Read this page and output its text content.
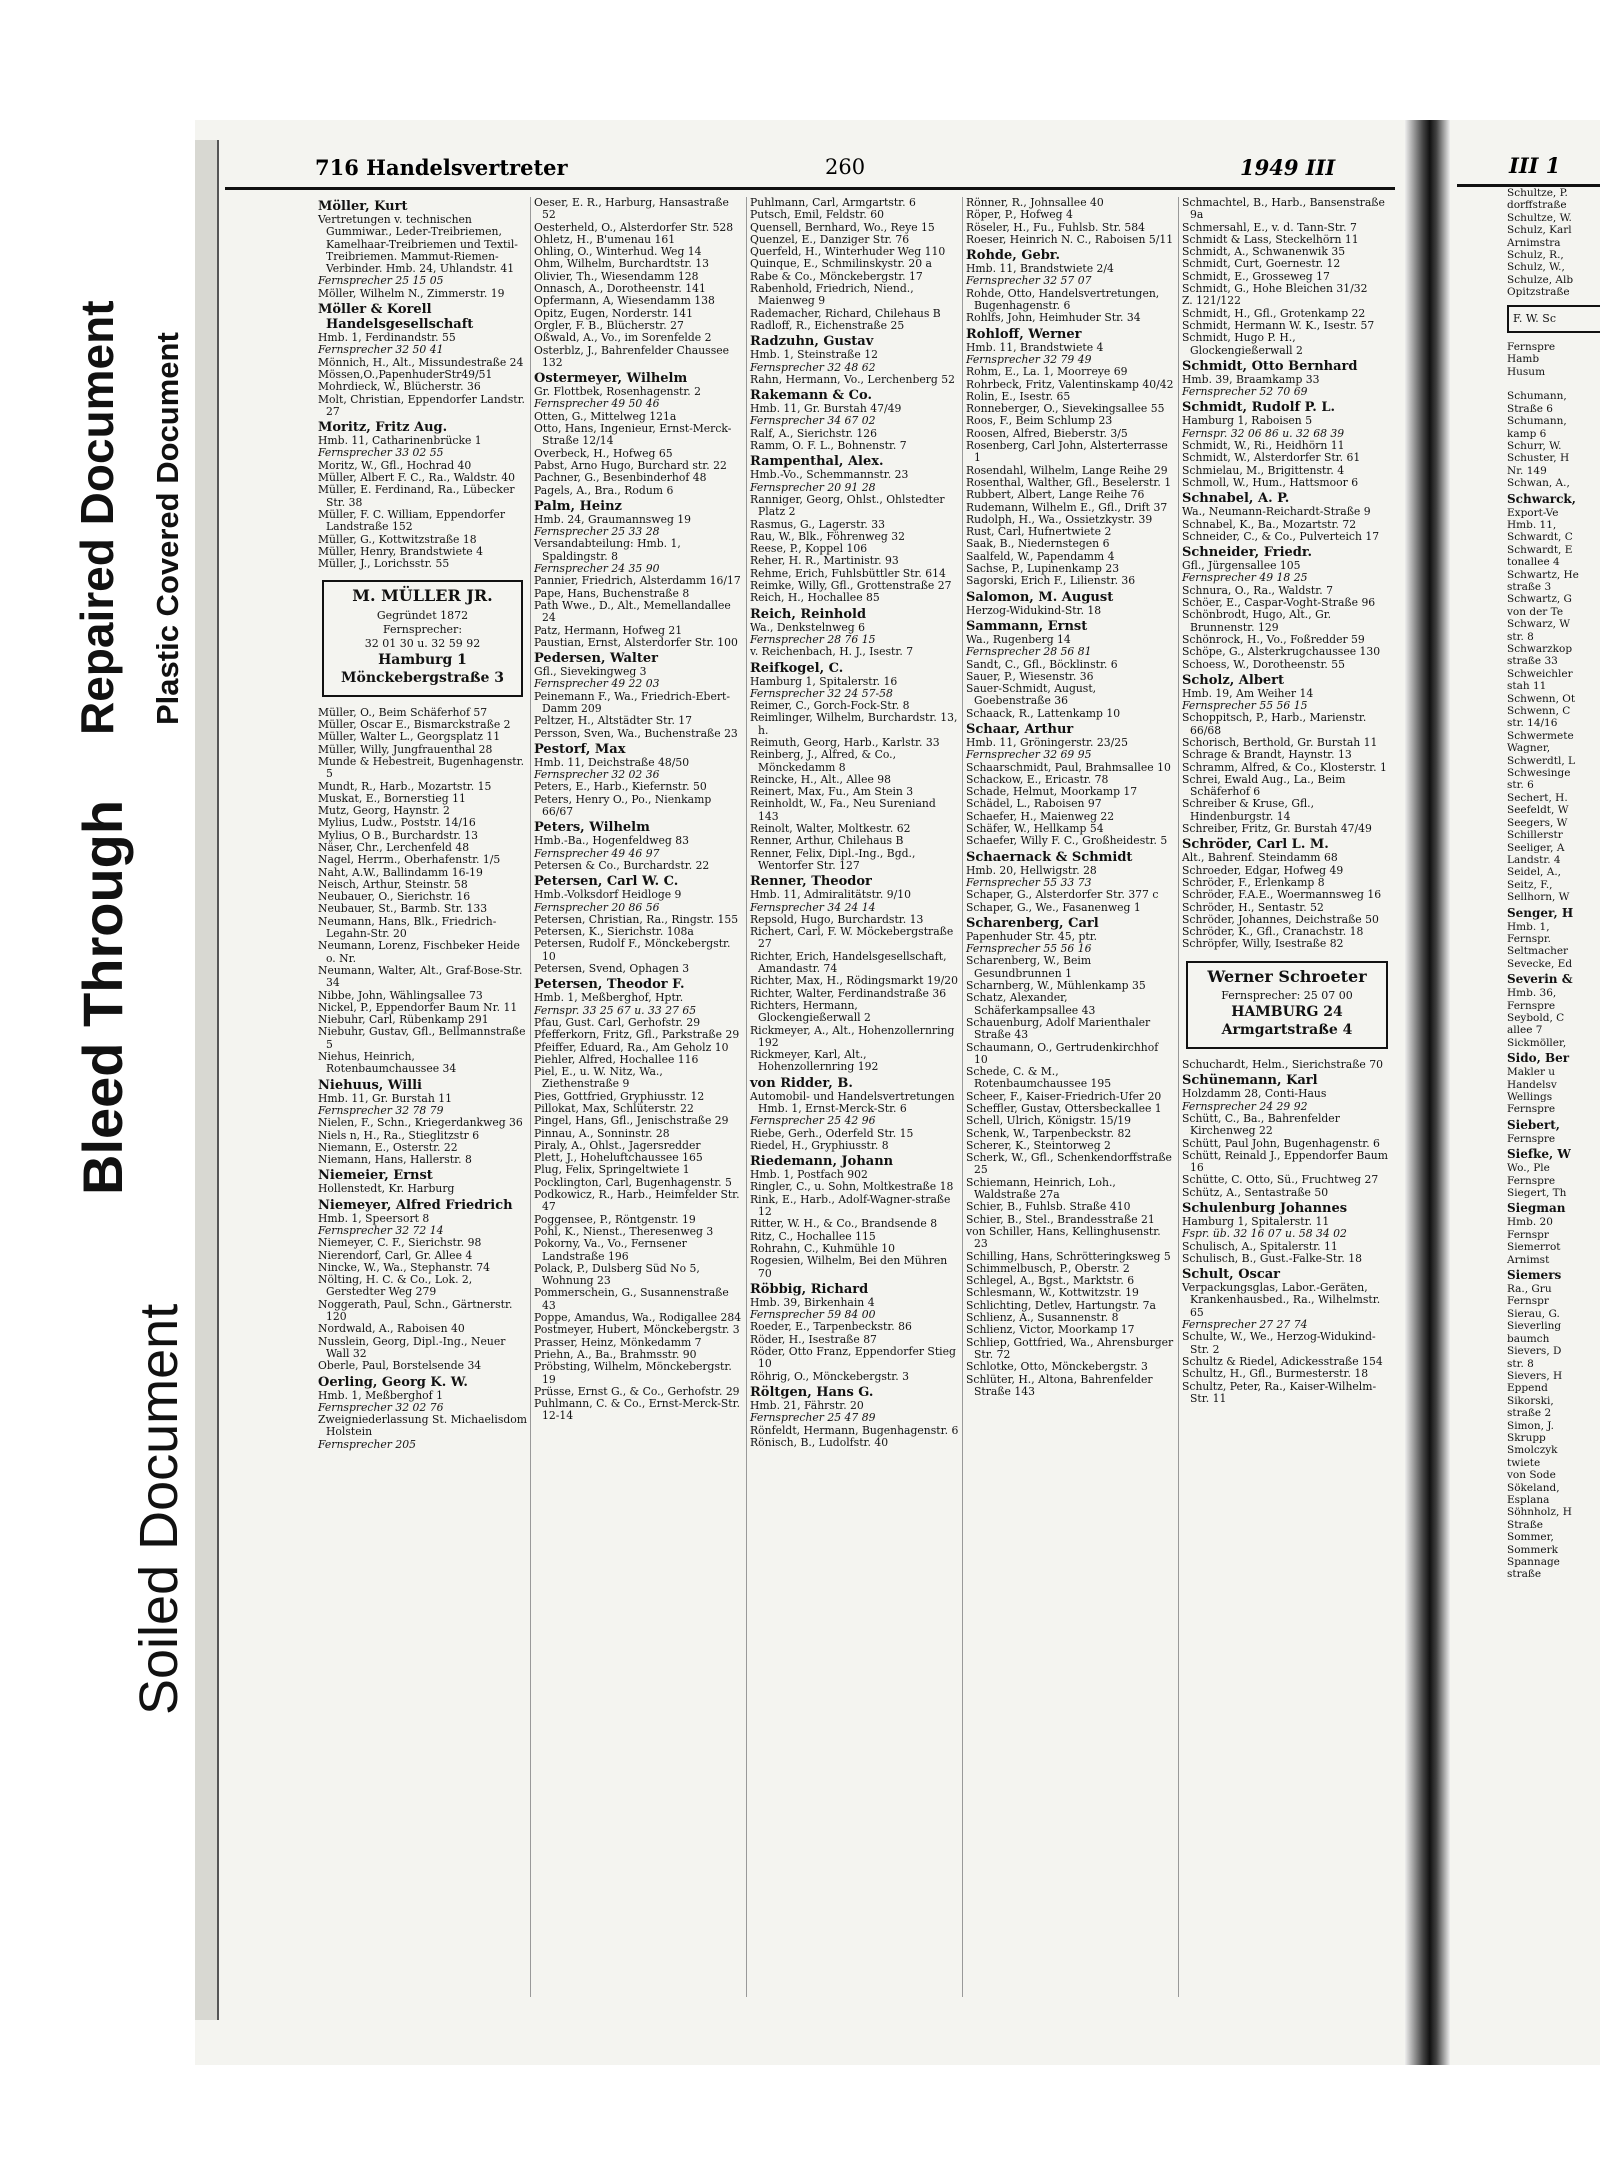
Bleed Through
Repaired Document Plastic Covered Document
Soiled Document
716 Handelsvertreter	260	1949 III

Möller, Kurt

Vertretungen v. technischen Gummiwar., Leder-Treibriemen, Kamelhaar-Treibriemen und Textil-Treibriemen. Mammut-Riemen-Verbinder. Hmb. 24, Uhlandstr. 41

Fernsprecher 25 15 05

Möller, Wilhelm N., Zimmerstr. 19

Möller & Korell Handelsgesellschaft

Hmb. 1, Ferdinandstr. 55

Fernsprecher 32 50 41

Mönnich, H., Alt., Missundestraße 24

Mössen,O.,PapenhuderStr49/51

Mohrdieck, W., Blücherstr. 36

Molt, Christian, Eppendorfer Landstr. 27

Moritz, Fritz Aug.

Hmb. 11, Catharinenbrücke 1

Fernsprecher 33 02 55

Moritz, W., Gfl., Hochrad 40

Müller, Albert F. C., Ra., Waldstr. 40

Müller, E. Ferdinand, Ra., Lübecker Str. 38

Müller, F. C. William, Eppendorfer Landstraße 152

Müller, G., Kottwitzstraße 18

Müller, Henry, Brandstwiete 4

Müller, J., Lorichsstr. 55

M. MÜLLER JR.
Gegründet 1872
Fernsprecher:
32 01 30 u. 32 59 92
Hamburg 1
Mönckebergstraße 3

Müller, O., Beim Schäferhof 57

Müller, Oscar E., Bismarckstraße 2

Müller, Walter L., Georgsplatz 11

Müller, Willy, Jungfrauenthal 28

Munde & Hebestreit, Bugenhagenstr. 5

Mundt, R., Harb., Mozartstr. 15

Muskat, E., Bornerstieg 11

Mutz, Georg, Haynstr. 2

Mylius, Ludw., Poststr. 14/16

Mylius, O B., Burchardstr. 13

Näser, Chr., Lerchenfeld 48

Nagel, Herrm., Oberhafenstr. 1/5

Naht, A.W., Ballindamm 16-19

Neisch, Arthur, Steinstr. 58

Neubauer, O., Sierichstr. 16

Neubauer, St., Barmb. Str. 133

Neumann, Hans, Blk., Friedrich-Legahn-Str. 20

Neumann, Lorenz, Fischbeker Heide o. Nr.

Neumann, Walter, Alt., Graf-Bose-Str. 34

Nibbe, John, Wählingsallee 73

Nickel, P., Eppendorfer Baum Nr. 11

Niebuhr, Carl, Rübenkamp 291

Niebuhr, Gustav, Gfl., Bellmannstraße 5

Niehus, Heinrich, Rotenbaumchaussee 34

Niehuus, Willi

Hmb. 11, Gr. Burstah 11

Fernsprecher 32 78 79

Nielen, F., Schn., Kriegerdankweg 36

Niels n, H., Ra., Stieglitzstr 6

Niemann, E., Osterstr. 22

Niemann, Hans, Hallerstr. 8

Niemeier, Ernst

Hollenstedt, Kr. Harburg

Niemeyer, Alfred Friedrich

Hmb. 1, Speersort 8

Fernsprecher 32 72 14

Niemeyer, C. F., Sierichstr. 98

Nierendorf, Carl, Gr. Allee 4

Nincke, W., Wa., Stephanstr. 74

Nölting, H. C. & Co., Lok. 2, Gerstedter Weg 279

Noggerath, Paul, Schn., Gärtnerstr. 120

Nordwald, A., Raboisen 40

Nusslein, Georg, Dipl.-Ing., Neuer Wall 32

Oberle, Paul, Borstelsende 34

Oerling, Georg K. W.

Hmb. 1, Meßberghof 1

Fernsprecher 32 02 76

Zweigniederlassung St. Michaelisdom Holstein

Fernsprecher 205

Oeser, E. R., Harburg, Hansastraße 52

Oesterheld, O., Alsterdorfer Str. 528

Ohletz, H., B'umenau 161

Ohling, O., Winterhud. Weg 14

Ohm, Wilhelm, Burchardtstr. 13

Olivier, Th., Wiesendamm 128

Onnasch, A., Dorotheenstr. 141

Opfermann, A, Wiesendamm 138

Opitz, Eugen, Norderstr. 141

Orgler, F. B., Blücherstr. 27

Oßwald, A., Vo., im Sorenfelde 2

Osterblz, J., Bahrenfelder Chaussee 132

Ostermeyer, Wilhelm

Gr. Flottbek, Rosenhagenstr. 2

Fernsprecher 49 50 46

Otten, G., Mittelweg 121a

Otto, Hans, Ingenieur, Ernst-Merck-Straße 12/14

Overbeck, H., Hofweg 65

Pabst, Arno Hugo, Burchard str. 22

Pachner, G., Besenbinderhof 48

Pagels, A., Bra., Rodum 6

Palm, Heinz

Hmb. 24, Graumannsweg 19

Fernsprecher 25 33 28

Versandabteilung: Hmb. 1, Spaldingstr. 8

Fernsprecher 24 35 90

Pannier, Friedrich, Alsterdamm 16/17

Pape, Hans, Buchenstraße 8

Path Wwe., D., Alt., Memellandallee 24

Patz, Hermann, Hofweg 21

Paustian, Ernst, Alsterdorfer Str. 100

Pedersen, Walter

Gfl., Sievekingweg 3

Fernsprecher 49 22 03

Peinemann F., Wa., Friedrich-Ebert-Damm 209

Peltzer, H., Altstädter Str. 17

Persson, Sven, Wa., Buchenstraße 23

Pestorf, Max

Hmb. 11, Deichstraße 48/50

Fernsprecher 32 02 36

Peters, E., Harb., Kiefernstr. 50

Peters, Henry O., Po., Nienkamp 66/67

Peters, Wilhelm

Hmb.-Ba., Hogenfeldweg 83

Fernsprecher 49 46 97

Petersen & Co., Burchardstr. 22

Petersen, Carl W. C.

Hmb.-Volksdorf Heidloge 9

Fernsprecher 20 86 56

Petersen, Christian, Ra., Ringstr. 155

Petersen, K., Sierichstr. 108a

Petersen, Rudolf F., Mönckebergstr. 10

Petersen, Svend, Ophagen 3

Petersen, Theodor F.

Hmb. 1, Meßberghof, Hptr.

Fernspr. 33 25 67 u. 33 27 65

Pfau, Gust. Carl, Gerhofstr. 29

Pfefferkorn, Fritz, Gfl., Parkstraße 29

Pfeiffer, Eduard, Ra., Am Geholz 10

Piehler, Alfred, Hochallee 116

Piel, E., u. W. Nitz, Wa., Ziethenstraße 9

Pies, Gottfried, Gryphiusstr. 12

Pillokat, Max, Schlüterstr. 22

Pingel, Hans, Gfl., Jenischstraße 29

Pinnau, A., Sonninstr. 28

Piraly, A., Ohlst., Jagersredder

Plett, J., Hoheluftchaussee 165

Plug, Felix, Springeltwiete 1

Pocklington, Carl, Bugenhagenstr. 5

Podkowicz, R., Harb., Heimfelder Str. 47

Poggensee, P., Röntgenstr. 19

Pohl, K., Nienst., Theresenweg 3

Pokorny, Va., Vo., Fernsener Landstraße 196

Polack, P., Dulsberg Süd No 5, Wohnung 23

Pommerschein, G., Susannenstraße 43

Poppe, Amandus, Wa., Rodigallee 284

Postmeyer, Hubert, Mönckebergstr. 3

Prasser, Heinz, Mönkedamm 7

Priehn, A., Ba., Brahmsstr. 90

Pröbsting, Wilhelm, Mönckebergstr. 19

Prüsse, Ernst G., & Co., Gerhofstr. 29

Puhlmann, C. & Co., Ernst-Merck-Str. 12-14

Puhlmann, Carl, Armgartstr. 6

Putsch, Emil, Feldstr. 60

Quensell, Bernhard, Wo., Reye 15

Quenzel, E., Danziger Str. 76

Querfeld, H., Winterhuder Weg 110

Quinque, E., Schmilinskystr. 20 a

Rabe & Co., Mönckebergstr. 17

Rabenhold, Friedrich, Niend., Maienweg 9

Rademacher, Richard, Chilehaus B

Radloff, R., Eichenstraße 25

Radzuhn, Gustav

Hmb. 1, Steinstraße 12

Fernsprecher 32 48 62

Rahn, Hermann, Vo., Lerchenberg 52

Rakemann & Co.

Hmb. 11, Gr. Burstah 47/49

Fernsprecher 34 67 02

Ralf, A., Sierichstr. 126

Ramm, O. F. L., Bohnenstr. 7

Rampenthal, Alex.

Hmb.-Vo., Schemmannstr. 23

Fernsprecher 20 91 28

Ranniger, Georg, Ohlst., Ohlstedter Platz 2

Rasmus, G., Lagerstr. 33

Rau, W., Blk., Föhrenweg 32

Reese, P., Koppel 106

Reher, H. R., Martinistr. 93

Rehme, Erich, Fuhlsbüttler Str. 614

Reimke, Willy, Gfl., Grottenstraße 27

Reich, H., Hochallee 85

Reich, Reinhold

Wa., Denkstelnweg 6

Fernsprecher 28 76 15

v. Reichenbach, H. J., Isestr. 7

Reifkogel, C.

Hamburg 1, Spitalerstr. 16

Fernsprecher 32 24 57-58

Reimer, C., Gorch-Fock-Str. 8

Reimlinger, Wilhelm, Burchardstr. 13, h.

Reimuth, Georg, Harb., Karlstr. 33

Reinberg, J., Alfred, & Co., Mönckedamm 8

Reincke, H., Alt., Allee 98

Reinert, Max, Fu., Am Stein 3

Reinholdt, W., Fa., Neu Sureniand 143

Reinolt, Walter, Moltkestr. 62

Renner, Arthur, Chilehaus B

Renner, Felix, Dipl.-Ing., Bgd., Wentorfer Str. 127

Renner, Theodor

Hmb. 11, Admiralitätstr. 9/10

Fernsprecher 34 24 14

Repsold, Hugo, Burchardstr. 13

Richert, Carl, F. W. Möckebergstraße 27

Richter, Erich, Handelsgesellschaft, Amandastr. 74

Richter, Max, H., Rödingsmarkt 19/20

Richter, Walter, Ferdinandstraße 36

Richters, Hermann, Glockengießerwall 2

Rickmeyer, A., Alt., Hohenzollernring 192

Rickmeyer, Karl, Alt., Hohenzollernring 192

von Ridder, B.

Automobil- und Handelsvertretungen Hmb. 1, Ernst-Merck-Str. 6

Fernsprecher 25 42 96

Riebe, Gerh., Oderfeld Str. 15

Riedel, H., Gryphiusstr. 8

Riedemann, Johann

Hmb. 1, Postfach 902

Ringler, C., u. Sohn, Moltkestraße 18

Rink, E., Harb., Adolf-Wagner-straße 12

Ritter, W. H., & Co., Brandsende 8

Ritz, C., Hochallee 115

Rohrahn, C., Kuhmühle 10

Rogesien, Wilhelm, Bei den Mühren 70

Röbbig, Richard

Hmb. 39, Birkenhain 4

Fernsprecher 59 84 00

Roeder, E., Tarpenbeckstr. 86

Röder, H., Isestraße 87

Röder, Otto Franz, Eppendorfer Stieg 10

Röhrig, O., Mönckebergstr. 3

Röltgen, Hans G.

Hmb. 21, Fährstr. 20

Fernsprecher 25 47 89

Rönfeldt, Hermann, Bugenhagenstr. 6

Rönisch, B., Ludolfstr. 40

Rönner, R., Johnsallee 40

Röper, P., Hofweg 4

Röseler, H., Fu., Fuhlsb. Str. 584

Roeser, Heinrich N. C., Raboisen 5/11

Rohde, Gebr.

Hmb. 11, Brandstwiete 2/4

Fernsprecher 32 57 07

Rohde, Otto, Handelsvertretungen, Bugenhagenstr. 6

Rohlfs, John, Heimhuder Str. 34

Rohloff, Werner

Hmb. 11, Brandstwiete 4

Fernsprecher 32 79 49

Rohm, E., La. 1, Moorreye 69

Rohrbeck, Fritz, Valentinskamp 40/42

Rolin, E., Isestr. 65

Ronneberger, O., Sievekingsallee 55

Roos, F., Beim Schlump 23

Roosen, Alfred, Bieberstr. 3/5

Rosenberg, Carl John, Alsterterrasse 1

Rosendahl, Wilhelm, Lange Reihe 29

Rosenthal, Walther, Gfl., Beselerstr. 1

Rubbert, Albert, Lange Reihe 76

Rudemann, Wilhelm E., Gfl., Drift 37

Rudolph, H., Wa., Ossietzkystr. 39

Rust, Carl, Hufnertwiete 2

Saak, B., Niedernstegen 6

Saalfeld, W., Papendamm 4

Sachse, P., Lupinenkamp 23

Sagorski, Erich F., Lilienstr. 36

Salomon, M. August

Herzog-Widukind-Str. 18

Sammann, Ernst

Wa., Rugenberg 14

Fernsprecher 28 56 81

Sandt, C., Gfl., Böcklinstr. 6

Sauer, P., Wiesenstr. 36

Sauer-Schmidt, August, Goebenstraße 36

Schaack, R., Lattenkamp 10

Schaar, Arthur

Hmb. 11, Gröningerstr. 23/25

Fernsprecher 32 69 95

Schaarschmidt, Paul, Brahmsallee 10

Schackow, E., Ericastr. 78

Schade, Helmut, Moorkamp 17

Schädel, L., Raboisen 97

Schaefer, H., Maienweg 22

Schäfer, W., Hellkamp 54

Schaefer, Willy F. C., Großheidestr. 5

Schaernack & Schmidt

Hmb. 20, Hellwigstr. 28

Fernsprecher 55 33 73

Schaper, G., Alsterdorfer Str. 377 c

Schaper, G., We., Fasanenweg 1

Scharenberg, Carl

Papenhuder Str. 45, ptr.

Fernsprecher 55 56 16

Scharenberg, W., Beim Gesundbrunnen 1

Scharnberg, W., Mühlenkamp 35

Schatz, Alexander, Schäferkampsallee 43

Schauenburg, Adolf Marienthaler Straße 43

Schaumann, O., Gertrudenkirchhof 10

Schede, C. & M., Rotenbaumchaussee 195

Scheer, F., Kaiser-Friedrich-Ufer 20

Scheffler, Gustav, Ottersbeckallee 1

Schell, Ulrich, Königstr. 15/19

Schenk, W., Tarpenbeckstr. 82

Scherer, K., Steintorweg 2

Scherk, W., Gfl., Schenkendorffstraße 25

Schiemann, Heinrich, Loh., Waldstraße 27a

Schier, B., Fuhlsb. Straße 410

Schier, B., Stel., Brandesstraße 21

von Schiller, Hans, Kellinghusenstr. 23

Schilling, Hans, Schrötteringksweg 5

Schimmelbusch, P., Oberstr. 2

Schlegel, A., Bgst., Marktstr. 6

Schlesmann, W., Kottwitzstr. 19

Schlichting, Detlev, Hartungstr. 7a

Schlienz, A., Susannenstr. 8

Schlienz, Victor, Moorkamp 17

Schliep, Gottfried, Wa., Ahrensburger Str. 72

Schlotke, Otto, Mönckebergstr. 3

Schlüter, H., Altona, Bahrenfelder Straße 143

Schmachtel, B., Harb., Bansenstraße 9a

Schmersahl, E., v. d. Tann-Str. 7

Schmidt & Lass, Steckelhörn 11

Schmidt, A., Schwanenwik 35

Schmidt, Curt, Goernestr. 12

Schmidt, E., Grosseweg 17

Schmidt, G., Hohe Bleichen 31/32

Z. 121/122

Schmidt, H., Gfl., Grotenkamp 22

Schmidt, Hermann W. K., Isestr. 57

Schmidt, Hugo P. H., Glockengießerwall 2

Schmidt, Otto Bernhard

Hmb. 39, Braamkamp 33

Fernsprecher 52 70 69

Schmidt, Rudolf P. L.

Hamburg 1, Raboisen 5

Fernspr. 32 06 86 u. 32 68 39

Schmidt, W., Ri., Heidhörn 11

Schmidt, W., Alsterdorfer Str. 61

Schmielau, M., Brigittenstr. 4

Schmoll, W., Hum., Hattsmoor 6

Schnabel, A. P.

Wa., Neumann-Reichardt-Straße 9

Schnabel, K., Ba., Mozartstr. 72

Schneider, C., & Co., Pulverteich 17

Schneider, Friedr.

Gfl., Jürgensallee 105

Fernsprecher 49 18 25

Schnura, O., Ra., Waldstr. 7

Schöer, E., Caspar-Voght-Straße 96

Schönbrodt, Hugo, Alt., Gr. Brunnenstr. 129

Schönrock, H., Vo., Foßredder 59

Schöpe, G., Alsterkrugchaussee 130

Schoess, W., Dorotheenstr. 55

Scholz, Albert

Hmb. 19, Am Weiher 14

Fernsprecher 55 56 15

Schoppitsch, P., Harb., Marienstr. 66/68

Schorisch, Berthold, Gr. Burstah 11

Schrage & Brandt, Haynstr. 13

Schramm, Alfred, & Co., Klosterstr. 1

Schrei, Ewald Aug., La., Beim Schäferhof 6

Schreiber & Kruse, Gfl., Hindenburgstr. 14

Schreiber, Fritz, Gr. Burstah 47/49

Schröder, Carl L. M.

Alt., Bahrenf. Steindamm 68

Schroeder, Edgar, Hofweg 49

Schröder, F., Erlenkamp 8

Schröder, F.A.E., Woermannsweg 16

Schröder, H., Sentastr. 52

Schröder, Johannes, Deichstraße 50

Schröder, K., Gfl., Cranachstr. 18

Schröpfer, Willy, Isestraße 82

Werner Schroeter
Fernsprecher: 25 07 00
HAMBURG 24
Armgartstraße 4

Schuchardt, Helm., Sierichstraße 70

Schünemann, Karl

Holzdamm 28, Conti-Haus

Fernsprecher 24 29 92

Schütt, C., Ba., Bahrenfelder Kirchenweg 22

Schütt, Paul John, Bugenhagenstr. 6

Schütt, Reinald J., Eppendorfer Baum 16

Schütte, C. Otto, Sü., Fruchtweg 27

Schütz, A., Sentastraße 50

Schulenburg Johannes

Hamburg 1, Spitalerstr. 11

Fspr. üb. 32 16 07 u. 58 34 02

Schulisch, A., Spitalerstr. 11

Schulisch, B., Gust.-Falke-Str. 18

Schult, Oscar

Verpackungsglas, Labor.-Geräten, Krankenhausbed., Ra., Wilhelmstr. 65

Fernsprecher 27 27 74

Schulte, W., We., Herzog-Widukind-Str. 2

Schultz & Riedel, Adickesstraße 154

Schultz, H., Gfl., Burmesterstr. 18

Schultz, Peter, Ra., Kaiser-Wilhelm-Str. 11

III 1
Schultze, P.
dorffstraße
Schultze, W.
Schulz, Karl
Arnimstra
Schulz, R.,
Schulz, W.,
Schulze, Alb
Opitzstraße
F. W. Sc
Fernspre
Hamb
Husum
Schumann,
Straße 6
Schumann,
kamp 6
Schurr, W.
Schuster, H
Nr. 149
Schwan, A.,
Schwarck,
Export-Ve
Hmb. 11,
Schwardt, C
Schwardt, E
tonallee 4
Schwartz, He
straße 3
Schwartz, G
von der Te
Schwarz, W
str. 8
Schwarzkop
straße 33
Schweichler
stah 11
Schwenn, Ot
Schwenn, C
str. 14/16
Schwermete
Wagner,
Schwerdtl, L
Schwesinge
str. 6
Sechert, H.
Seefeldt, W
Seegers, W
Schillerstr
Seeliger, A
Landstr. 4
Seidel, A.,
Seitz, F.,
Sellhorn, W
Senger, H
Hmb. 1,
Fernspr.
Seltmacher
Sevecke, Ed
Severin &
Hmb. 36,
Fernspre
Seybold, C
allee 7
Sickmöller,
Sido, Ber
Makler u
Handelsv
Wellings
Fernspre
Siebert,
Fernspre
Siefke, W
Wo., Ple
Fernspre
Siegert, Th
Siegman
Hmb. 20
Fernspr
Siemerrot
Arnimst
Siemers
Ra., Gru
Fernspr
Sierau, G.
Sieverling
baumch
Sievers, D
str. 8
Sievers, H
Eppend
Sikorski,
straße 2
Simon, J.
Skrupp
Smolczyk
twiete
von Sode
Sökeland,
Esplana
Söhnholz, H
Straße
Sommer,
Sommerk
Spannage
straße
